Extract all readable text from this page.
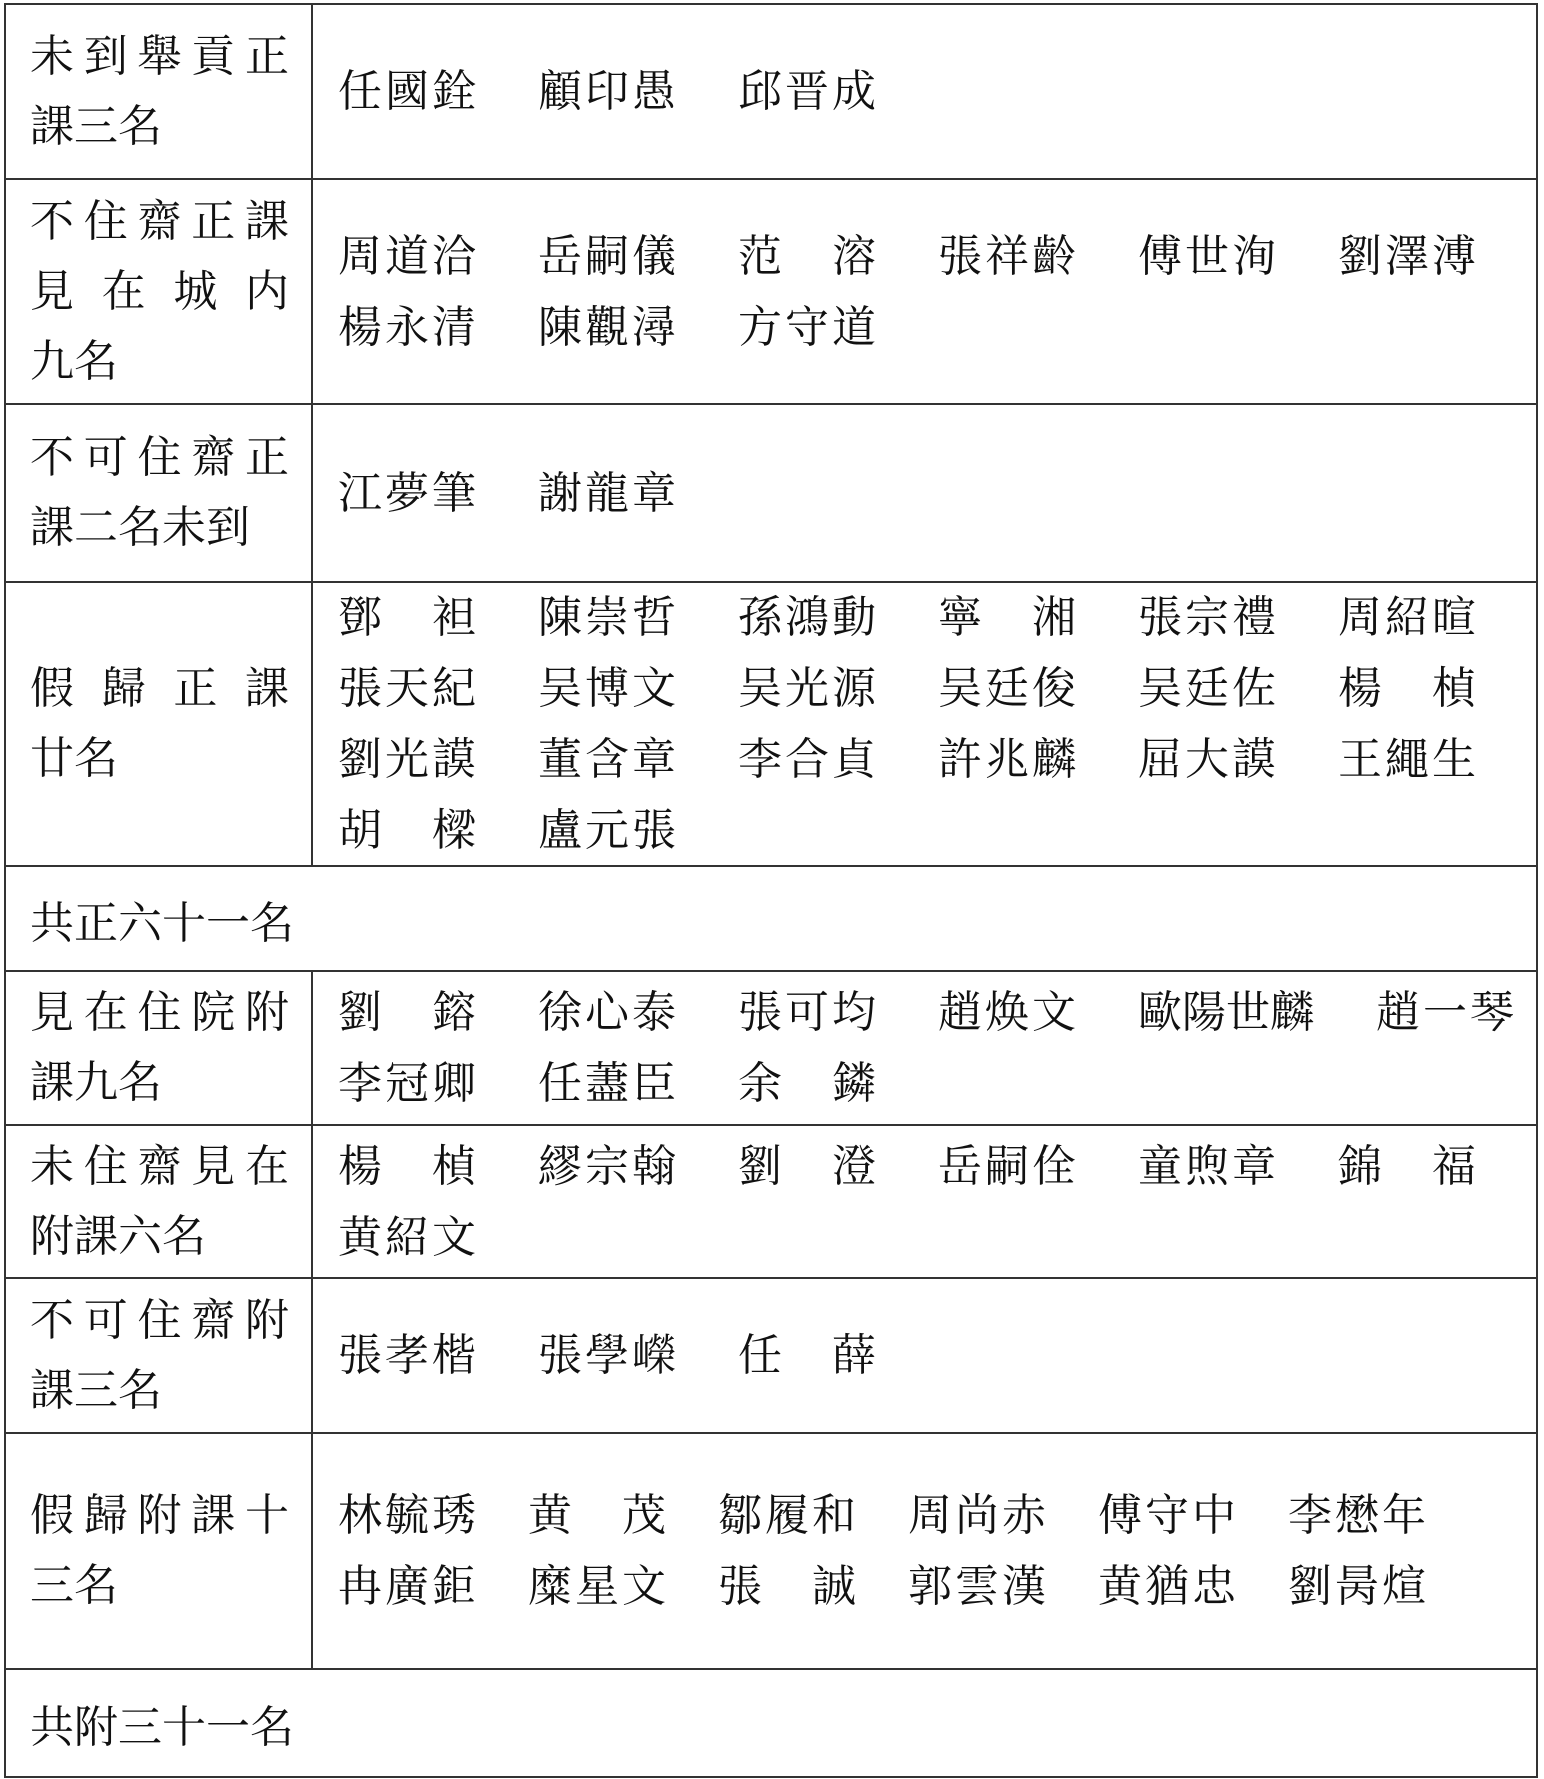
未到舉貢正
課三名
任國銓 顧印愚 邱晋成
不住齋正課
見在城内
九名
周道洽 岳嗣儀 范溶 張祥齡 傅世洵 劉澤溥
楊永清 陳觀潯 方守道
不可住齋正
課二名未到
江夢筆 謝龍章
假歸正課
廿名
鄧袒 陳崇哲 孫鴻動 寧湘 張宗禮 周紹暄
張天紀 吴博文 吴光源 吴廷俊 吴廷佐 楊楨
劉光謨 董含章 李合貞 許兆麟 屈大謨 王繩生
胡樑 盧元張
共正六十一名
見在住院附
課九名
劉鎔 徐心泰 張可均 趙焕文 歐陽世麟 趙一琴
李冠卿 任藎臣 余鏻
未住齋見在
附課六名
楊楨 繆宗翰 劉澄 岳嗣佺 童煦章 錦福
黄紹文
不可住齋附
課三名
張孝楷 張學嶸 任薛
假歸附課十
三名
林毓琇 黄茂 鄒履和 周尚赤 傅守中 李懋年
冉廣鉅 糜星文 張誠 郭雲漢 黄猶忠 劉昺煊
共附三十一名
